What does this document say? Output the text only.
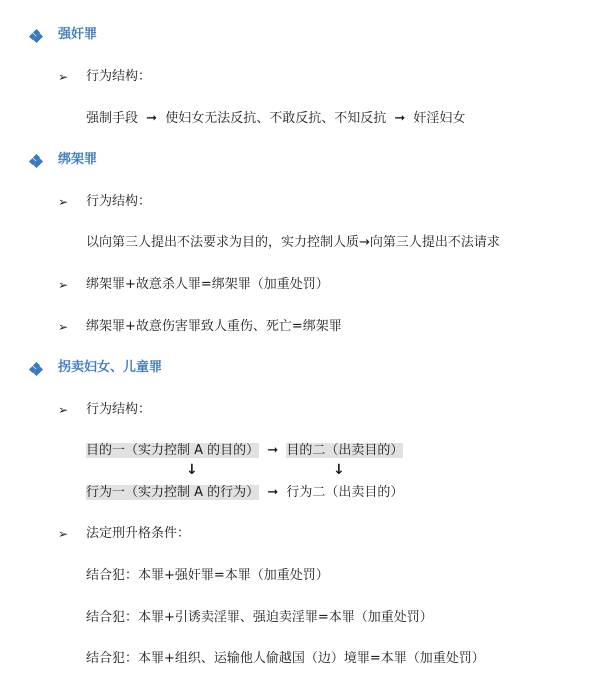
强奸罪
➢ 行为结构：
强制手段 ➞ 使妇女无法反抗、不敢反抗、不知反抗 ➞ 奸淫妇女
绑架罪
➢ 行为结构：
以向第三人提出不法要求为目的，实力控制人质→向第三人提出不法请求
➢ 绑架罪+故意杀人罪=绑架罪（加重处罚）
➢ 绑架罪+故意伤害罪致人重伤、死亡=绑架罪
拐卖妇女、儿童罪
➢ 行为结构：
目的一（实力控制 A 的目的） ➞ 目的二（出卖目的）
↓	↓
行为一（实力控制 A 的行为） ➞ 行为二（出卖目的）
➢ 法定刑升格条件：
结合犯：本罪+强奸罪=本罪（加重处罚）
结合犯：本罪+引诱卖淫罪、强迫卖淫罪=本罪（加重处罚）
结合犯：本罪+组织、运输他人偷越国（边）境罪=本罪（加重处罚）
